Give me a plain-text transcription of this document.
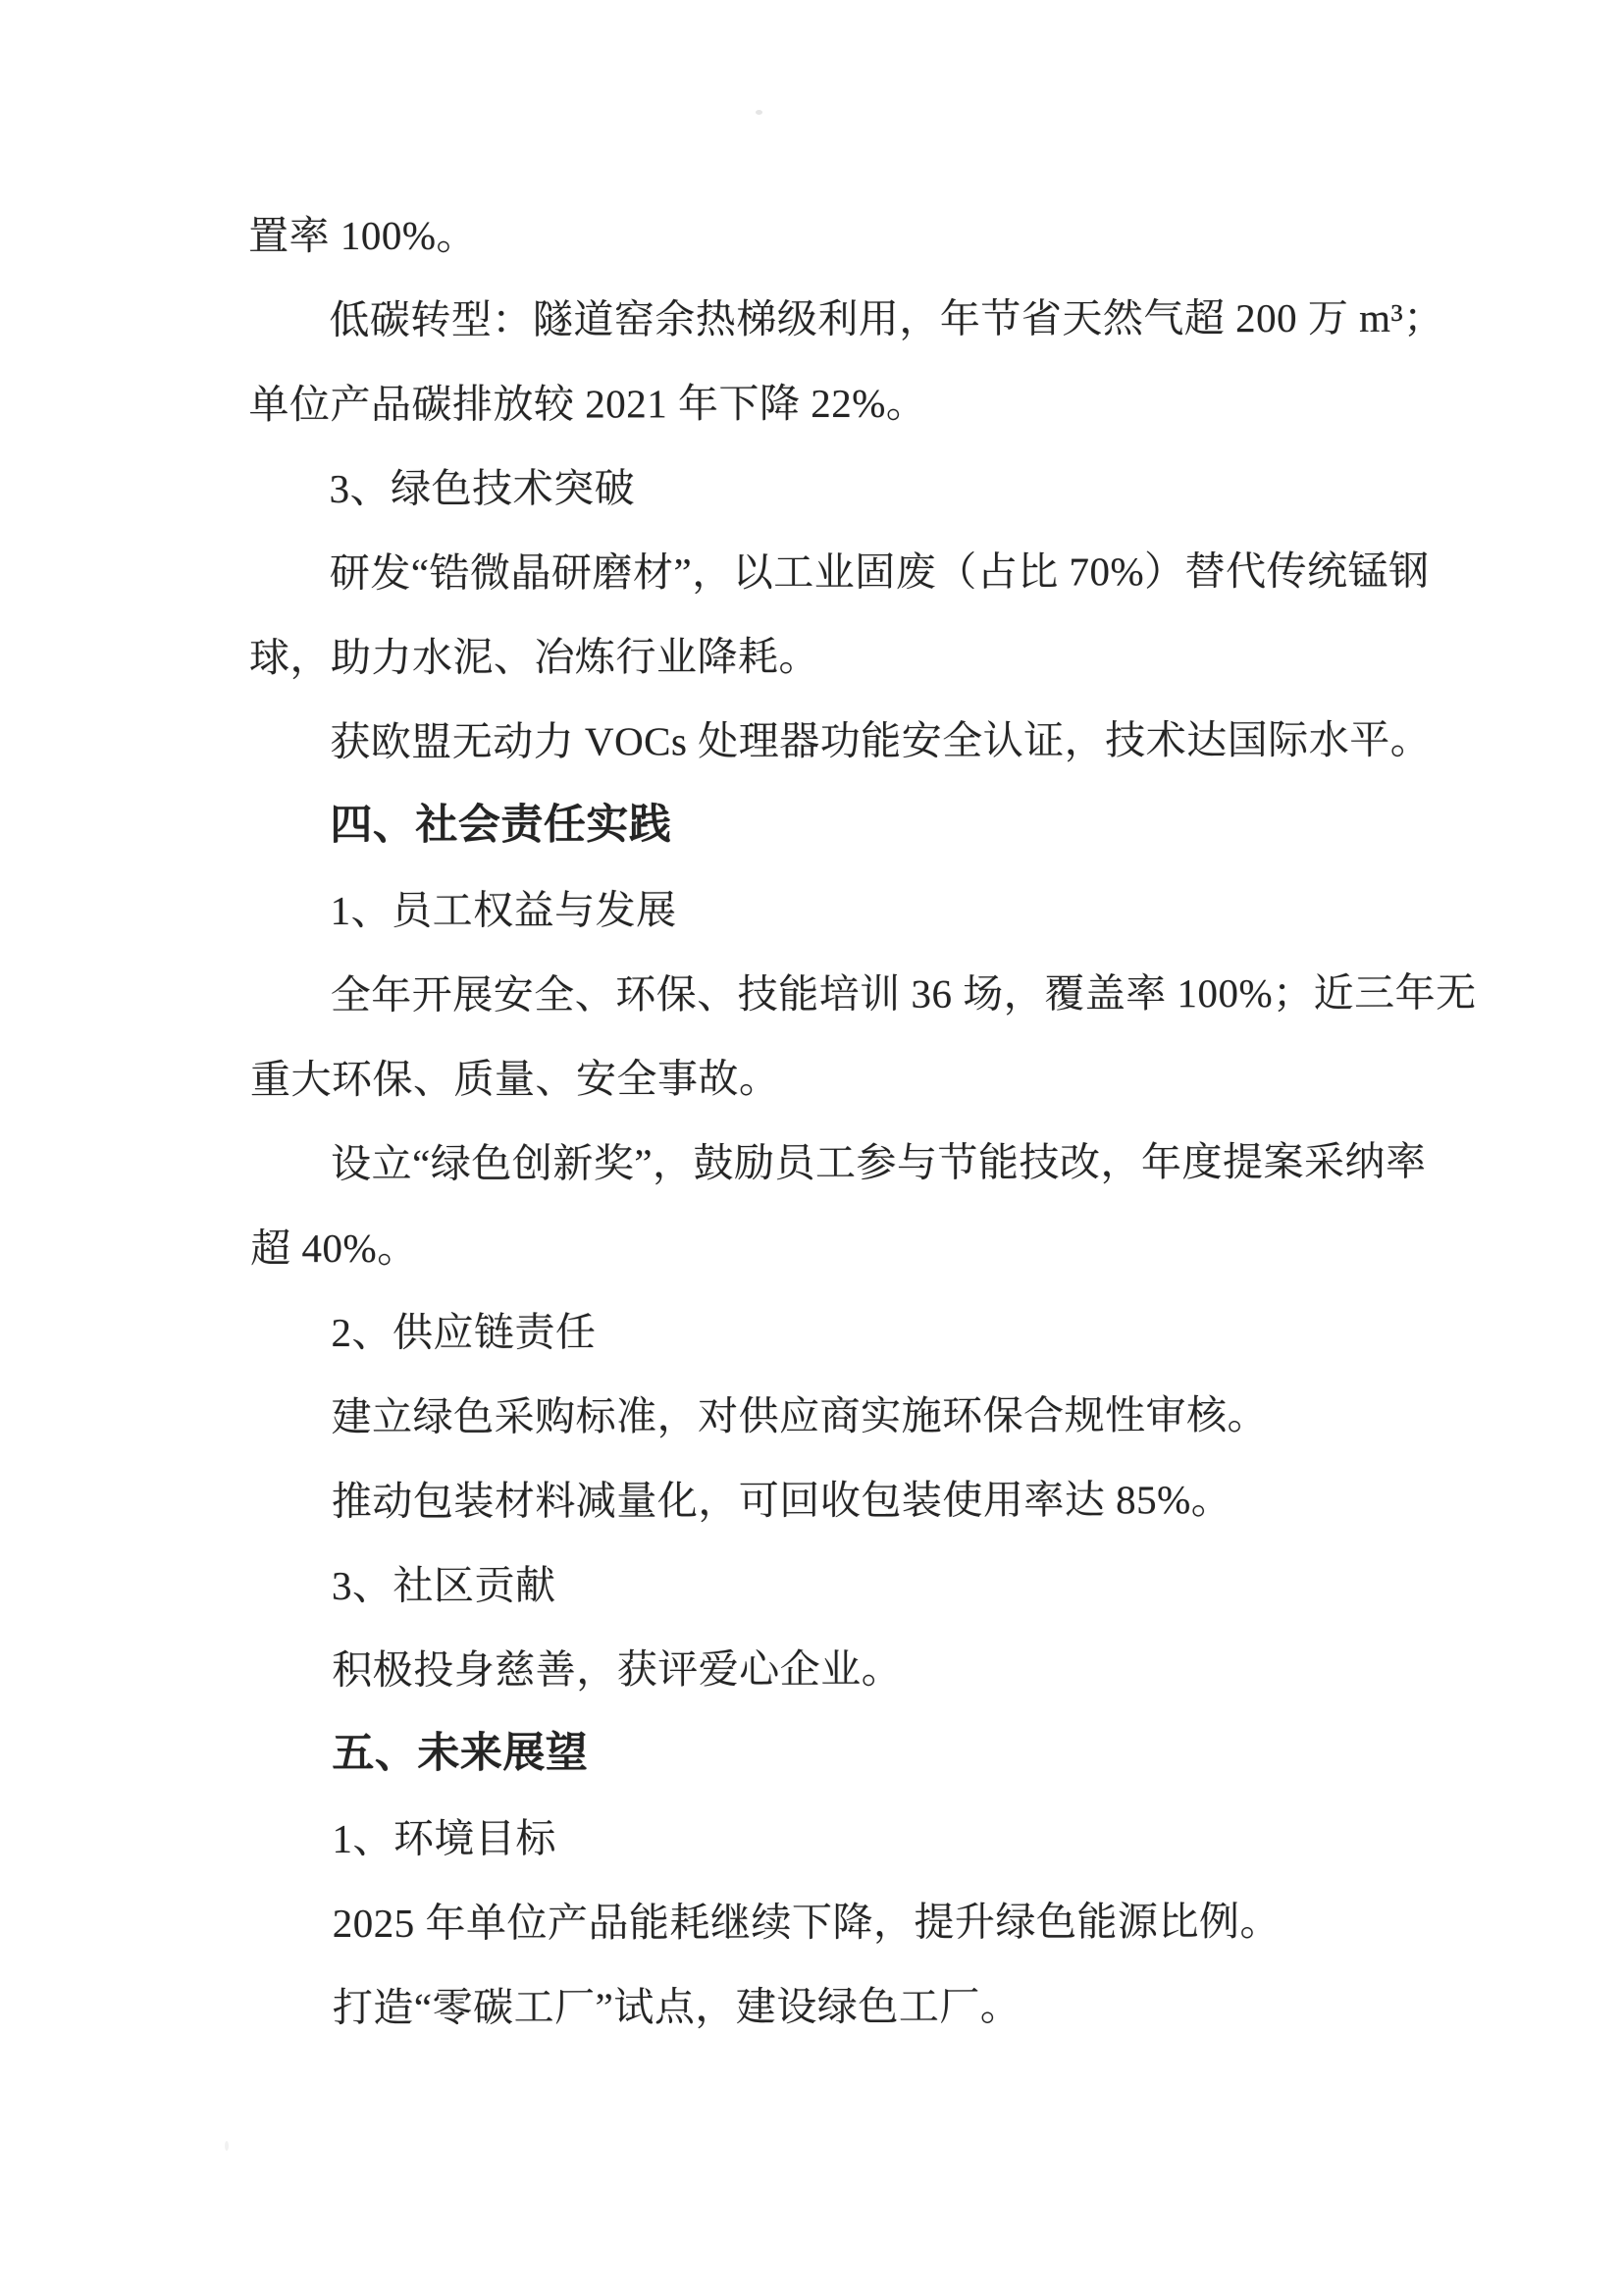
置率 100%。
低碳转型：隧道窑余热梯级利用，年节省天然气超 200 万 m³；
单位产品碳排放较 2021 年下降 22%。
3、绿色技术突破
研发“锆微晶研磨材”，以工业固废（占比 70%）替代传统锰钢
球，助力水泥、冶炼行业降耗。
获欧盟无动力 VOCs 处理器功能安全认证，技术达国际水平。
四、社会责任实践
1、员工权益与发展
全年开展安全、环保、技能培训 36 场，覆盖率 100%；近三年无
重大环保、质量、安全事故。
设立“绿色创新奖”，鼓励员工参与节能技改，年度提案采纳率
超 40%。
2、供应链责任
建立绿色采购标准，对供应商实施环保合规性审核。
推动包装材料减量化，可回收包装使用率达 85%。
3、社区贡献
积极投身慈善，获评爱心企业。
五、未来展望
1、环境目标
2025 年单位产品能耗继续下降，提升绿色能源比例。
打造“零碳工厂”试点，建设绿色工厂。
